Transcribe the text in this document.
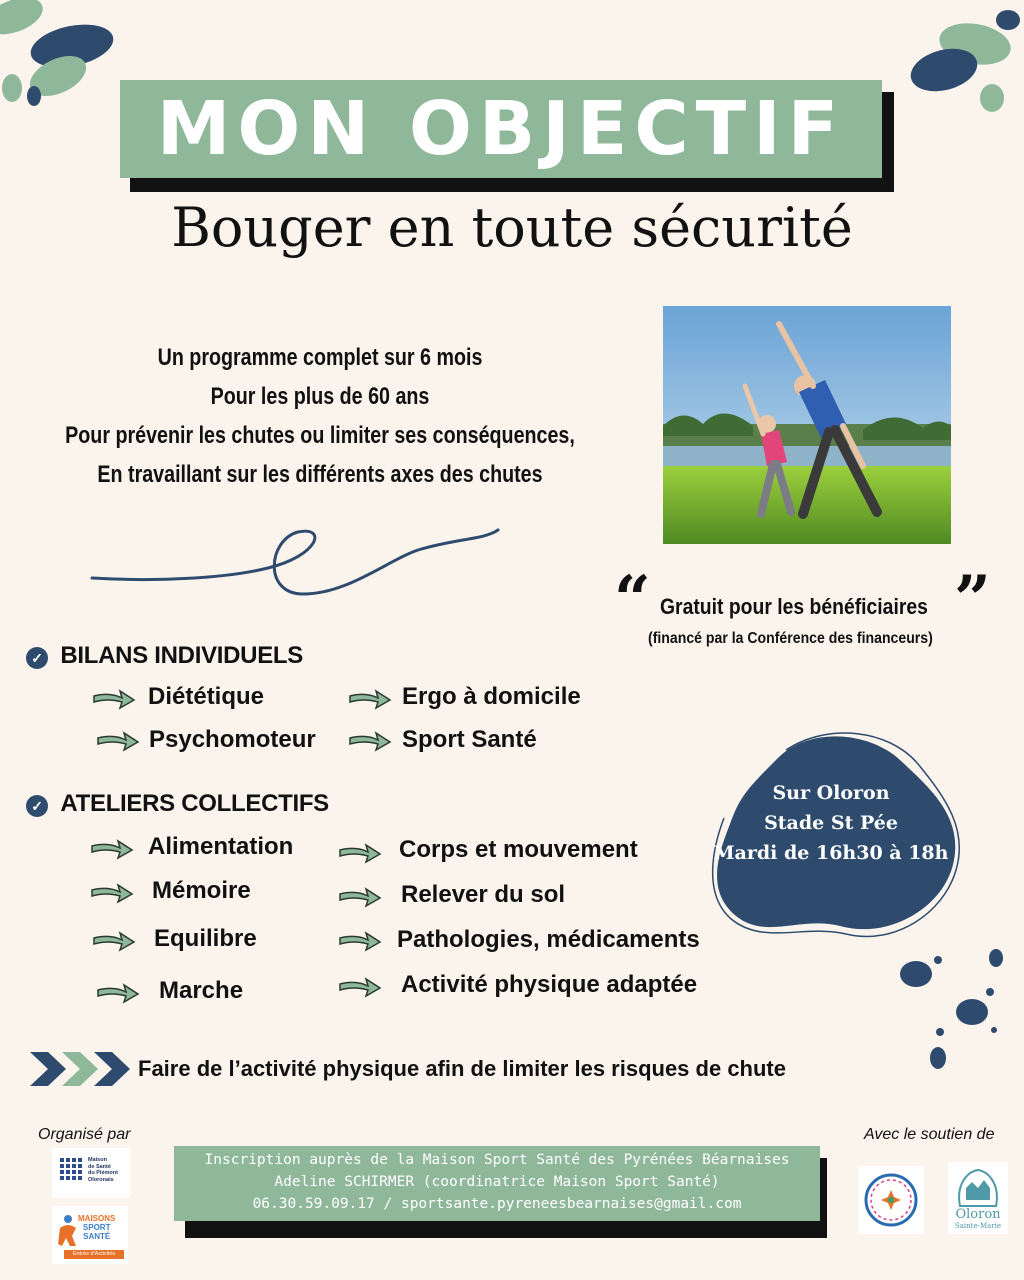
MON OBJECTIF
Bouger en toute sécurité
Un programme complet sur 6 mois
Pour les plus de 60 ans
Pour prévenir les chutes ou limiter ses conséquences,
En travaillant sur les différents axes des chutes
“	”
Gratuit pour les bénéficiaires
(financé par la Conférence des financeurs)
✓ BILANS INDIVIDUELS
Diététique	Ergo à domicile
Psychomoteur	Sport Santé
✓ ATELIERS COLLECTIFS
Alimentation	Corps et mouvement
Mémoire	Relever du sol
Equilibre	Pathologies, médicaments
Marche	Activité physique adaptée
Sur Oloron
Stade St Pée
Mardi de 16h30 à 18h
Faire de l’activité physique afin de limiter les risques de chute
Organisé par	Avec le soutien de
Inscription auprès de la Maison Sport Santé des Pyrénées Béarnaises
Adeline SCHIRMER (coordinatrice Maison Sport Santé)
06.30.59.09.17 / sportsante.pyreneesbearnaises@gmail.com
Maison
de Santé
du Piémont
Oloronais
MAISONS
SPORT
SANTÉ
Entrée d'Activités
Oloron
Sainte-Marie
